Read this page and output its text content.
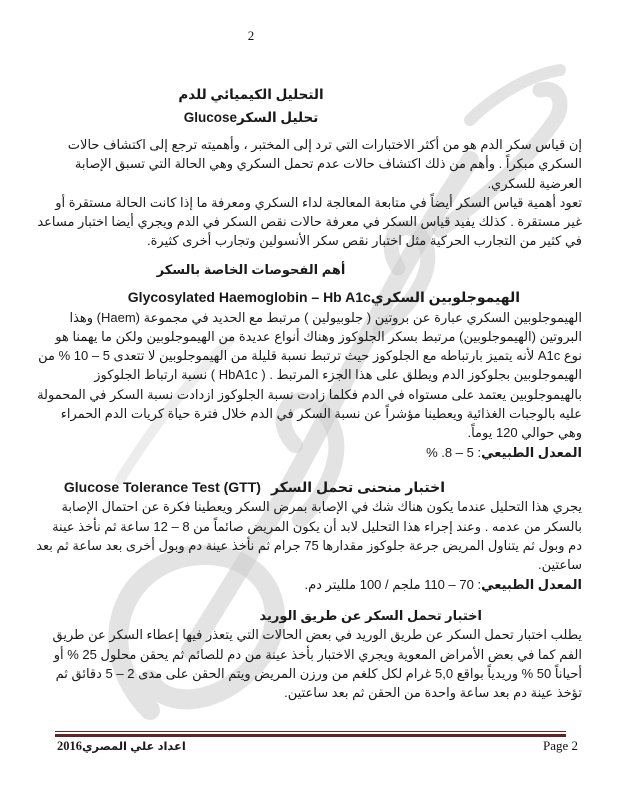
2
التحليل الكيميائي للدم
تحليل السكرGlucose

إن قياس سكر الدم هو من أكثر الاختبارات التي ترد إلى المختبر ، وأهميته ترجع إلى اكتشاف حالات السكري مبكراً . وأهم من ذلك اكتشاف حالات عدم تحمل السكري وهي الحالة التي تسبق الإصابة العرضية للسكري.

تعود أهمية قياس السكر أيضاً في متابعة المعالجة لداء السكري ومعرفة ما إذا كانت الحالة مستقرة أو غير مستقرة . كذلك يفيد قياس السكر في معرفة حالات نقص السكر في الدم ويجري أيضا اختبار مساعد في كثير من التجارب الحركية مثل اختبار نقص سكر الأنسولين وتجارب أخرى كثيرة.

أهم الفحوصات الخاصة بالسكر
الهيموجلوبين السكريGlycosylated Haemoglobin – Hb A1c

الهيموجلوبين السكري عبارة عن بروتين ( جلوبيولين ) مرتبط مع الحديد في مجموعة (Haem) وهذا البروتين (الهيموجلوبين) مرتبط بسكر الجلوكوز وهناك أنواع عديدة من الهيموجلوبين ولكن ما يهمنا هو نوع A1c لأنه يتميز بارتباطه مع الجلوكوز حيث ترتبط نسبة قليلة من الهيموجلوبين لا تتعدى 5 – 10 % من الهيموجلوبين بجلوكوز الدم ويطلق على هذا الجزء المرتبط . ( HbA1c ) نسبة ارتباط الجلوكوز بالهيموجلوبين يعتمد على مستواه في الدم فكلما زادت نسبة الجلوكوز ازدادت نسبة السكر في المحمولة عليه بالوجبات الغذائية ويعطينا مؤشراً عن نسبة السكر في الدم خلال فترة حياة كريات الدم الحمراء وهي حوالي 120 يوماً.

المعدل الطبيعي: 5 – 8. %

اختبار منحنى تحمل السكرGlucose Tolerance Test (GTT)

يجري هذا التحليل عندما يكون هناك شك في الإصابة بمرض السكر ويعطينا فكرة عن احتمال الإصابة بالسكر من عدمه . وعند إجراء هذا التحليل لابد أن يكون المريض صائماً من 8 – 12 ساعة ثم نأخذ عينة دم وبول ثم يتناول المريض جرعة جلوكوز مقدارها 75 جرام ثم نأخذ عينة دم وبول أخرى بعد ساعة ثم بعد ساعتين.

المعدل الطبيعي: 70 – 110 ملجم / 100 ملليتر دم.

اختبار تحمل السكر عن طريق الوريد

يطلب اختبار تحمل السكر عن طريق الوريد في بعض الحالات التي يتعذر فيها إعطاء السكر عن طريق الفم كما في بعض الأمراض المعوية ويجري الاختبار بأخذ عينة من دم للصائم ثم يحقن محلول 25 % أو أحياناً 50 % وريدياً بواقع 5,0 غرام لكل كلغم من ورزن المريض ويتم الحقن على مدى 2 – 5 دقائق ثم تؤخذ عينة دم بعد ساعة واحدة من الحقن ثم بعد ساعتين.

اعداد علي المصري2016	Page 2
